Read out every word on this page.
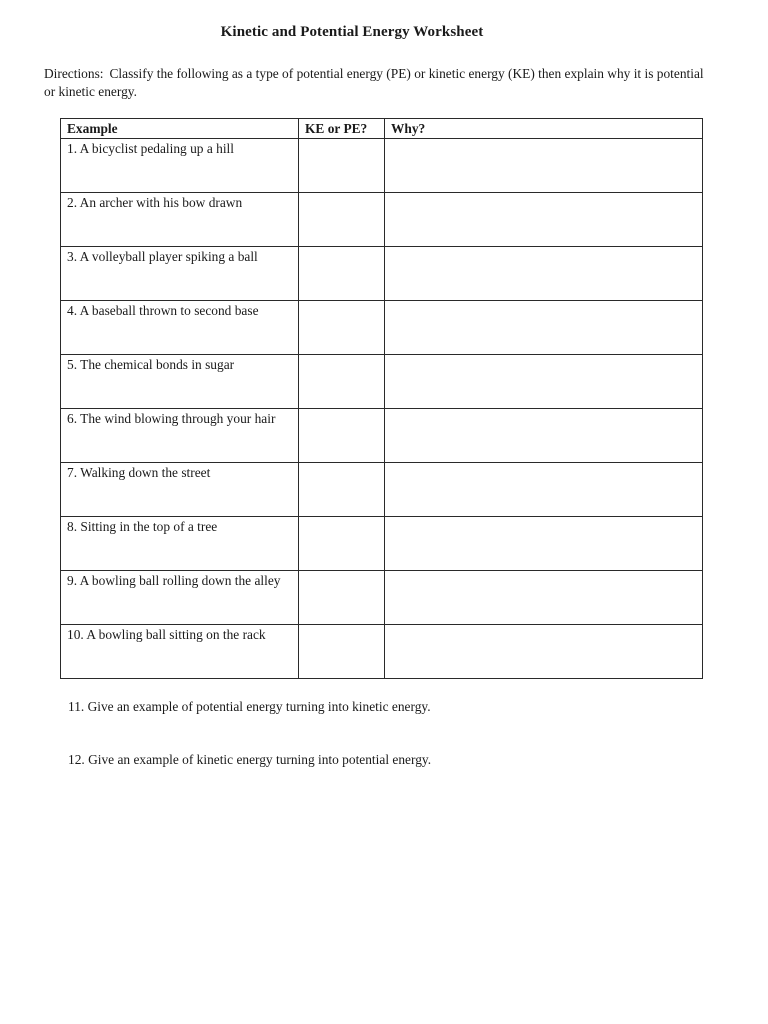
Kinetic and Potential Energy Worksheet
Directions: Classify the following as a type of potential energy (PE) or kinetic energy (KE) then explain why it is potential or kinetic energy.
Example	KE or PE?	Why?
1. A bicyclist pedaling up a hill		
2. An archer with his bow drawn		
3. A volleyball player spiking a ball		
4. A baseball thrown to second base		
5. The chemical bonds in sugar		
6. The wind blowing through your hair		
7. Walking down the street		
8. Sitting in the top of a tree		
9. A bowling ball rolling down the alley		
10. A bowling ball sitting on the rack		
11. Give an example of potential energy turning into kinetic energy.
12. Give an example of kinetic energy turning into potential energy.
